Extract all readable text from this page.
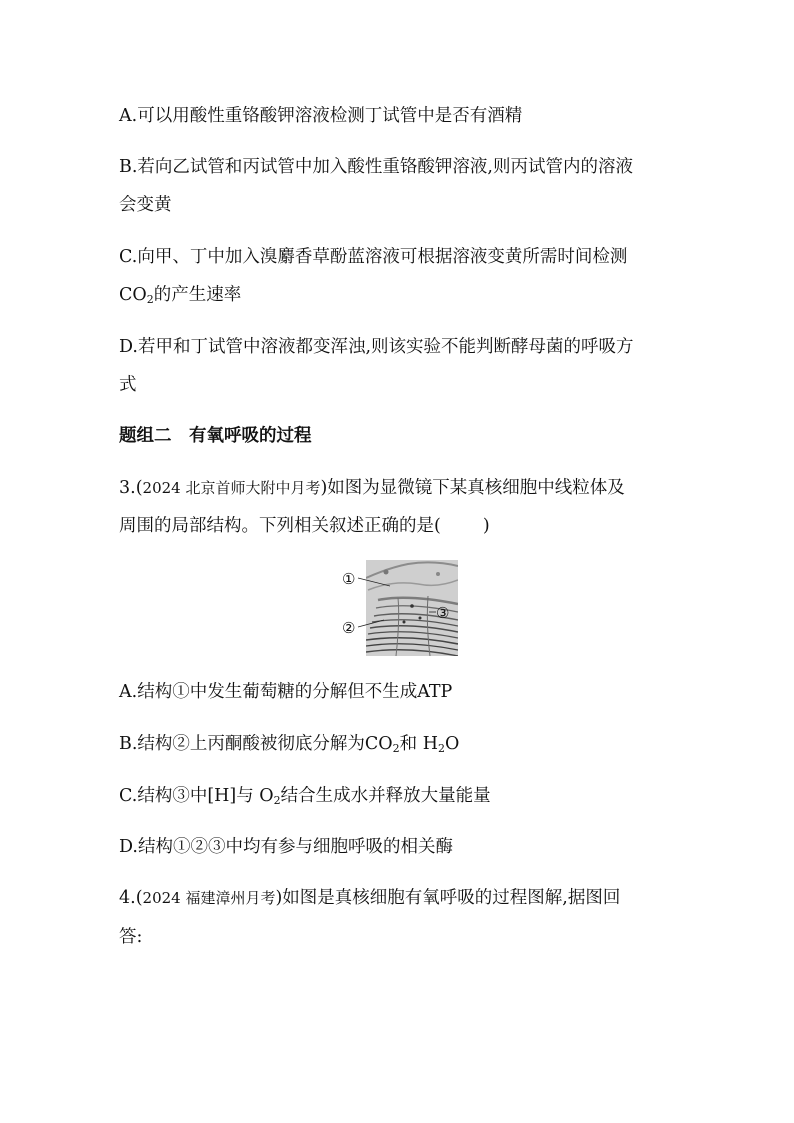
A.可以用酸性重铬酸钾溶液检测丁试管中是否有酒精
B.若向乙试管和丙试管中加入酸性重铬酸钾溶液,则丙试管内的溶液
会变黄
C.向甲、丁中加入溴麝香草酚蓝溶液可根据溶液变黄所需时间检测
$CO_2$的产生速率
D.若甲和丁试管中溶液都变浑浊,则该实验不能判断酵母菌的呼吸方
式
题组二　有氧呼吸的过程
3.(2024 北京首师大附中月考)如图为显微镜下某真核细胞中线粒体及
周围的局部结构。下列相关叙述正确的是( )
①
②
③
A.结构①中发生葡萄糖的分解但不生成ATP
B.结构②上丙酮酸被彻底分解为$CO_2$和 $H_2O$
C.结构③中[H]与 $O_2$结合生成水并释放大量能量
D.结构①②③中均有参与细胞呼吸的相关酶
4.(2024 福建漳州月考)如图是真核细胞有氧呼吸的过程图解,据图回
答:
